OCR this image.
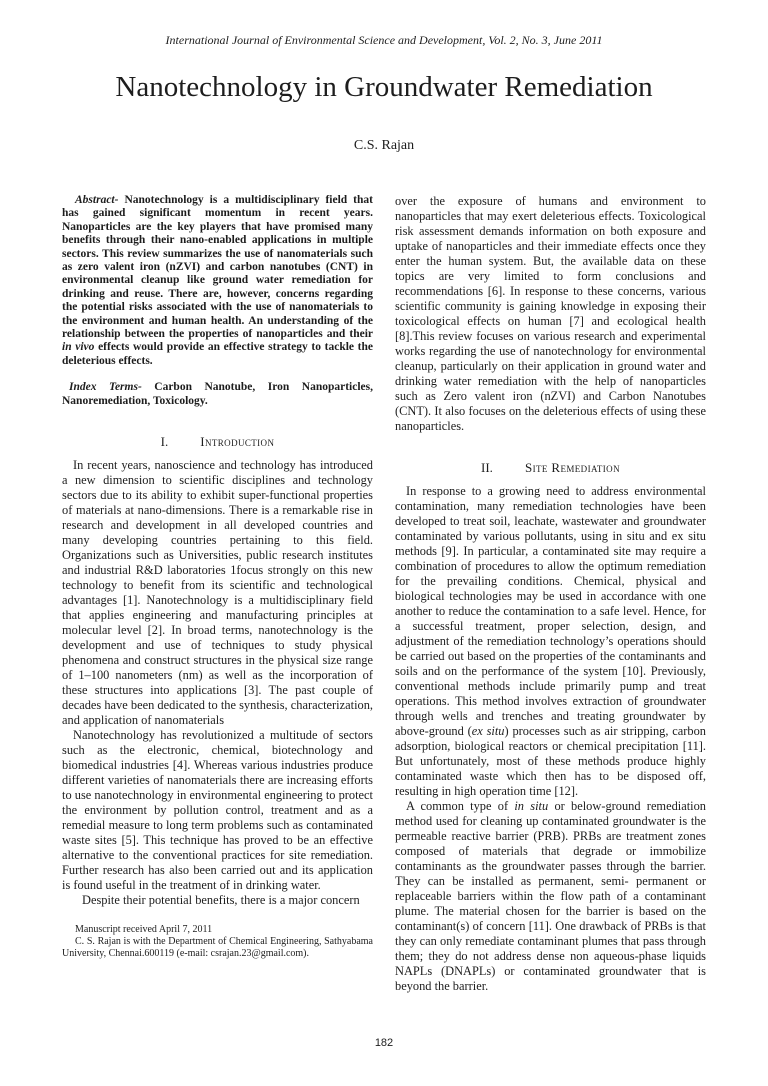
International Journal of Environmental Science and Development, Vol. 2, No. 3, June 2011
Nanotechnology in Groundwater Remediation
C.S. Rajan

Abstract- Nanotechnology is a multidisciplinary field that has gained significant momentum in recent years. Nanoparticles are the key players that have promised many benefits through their nano-enabled applications in multiple sectors. This review summarizes the use of nanomaterials such as zero valent iron (nZVI) and carbon nanotubes (CNT) in environmental cleanup like ground water remediation for drinking and reuse. There are, however, concerns regarding the potential risks associated with the use of nanomaterials to the environment and human health. An understanding of the relationship between the properties of nanoparticles and their in vivo effects would provide an effective strategy to tackle the deleterious effects.

Index Terms- Carbon Nanotube, Iron Nanoparticles, Nanoremediation, Toxicology.

I. Introduction

In recent years, nanoscience and technology has introduced a new dimension to scientific disciplines and technology sectors due to its ability to exhibit super-functional properties of materials at nano-dimensions. There is a remarkable rise in research and development in all developed countries and many developing countries pertaining to this field. Organizations such as Universities, public research institutes and industrial R&D laboratories 1focus strongly on this new technology to benefit from its scientific and technological advantages [1]. Nanotechnology is a multidisciplinary field that applies engineering and manufacturing principles at molecular level [2]. In broad terms, nanotechnology is the development and use of techniques to study physical phenomena and construct structures in the physical size range of 1–100 nanometers (nm) as well as the incorporation of these structures into applications [3]. The past couple of decades have been dedicated to the synthesis, characterization, and application of nanomaterials

Nanotechnology has revolutionized a multitude of sectors such as the electronic, chemical, biotechnology and biomedical industries [4]. Whereas various industries produce different varieties of nanomaterials there are increasing efforts to use nanotechnology in environmental engineering to protect the environment by pollution control, treatment and as a remedial measure to long term problems such as contaminated waste sites [5]. This technique has proved to be an effective alternative to the conventional practices for site remediation. Further research has also been carried out and its application is found useful in the treatment of in drinking water.

Despite their potential benefits, there is a major concern

Manuscript received April 7, 2011

C. S. Rajan is with the Department of Chemical Engineering, Sathyabama University, Chennai.600119 (e-mail: csrajan.23@gmail.com).

over the exposure of humans and environment to nanoparticles that may exert deleterious effects. Toxicological risk assessment demands information on both exposure and uptake of nanoparticles and their immediate effects once they enter the human system. But, the available data on these topics are very limited to form conclusions and recommendations [6]. In response to these concerns, various scientific community is gaining knowledge in exposing their toxicological effects on human [7] and ecological health [8].This review focuses on various research and experimental works regarding the use of nanotechnology for environmental cleanup, particularly on their application in ground water and drinking water remediation with the help of nanoparticles such as Zero valent iron (nZVI) and Carbon Nanotubes (CNT). It also focuses on the deleterious effects of using these nanoparticles.

II. Site Remediation

In response to a growing need to address environmental contamination, many remediation technologies have been developed to treat soil, leachate, wastewater and groundwater contaminated by various pollutants, using in situ and ex situ methods [9]. In particular, a contaminated site may require a combination of procedures to allow the optimum remediation for the prevailing conditions. Chemical, physical and biological technologies may be used in accordance with one another to reduce the contamination to a safe level. Hence, for a successful treatment, proper selection, design, and adjustment of the remediation technology’s operations should be carried out based on the properties of the contaminants and soils and on the performance of the system [10]. Previously, conventional methods include primarily pump and treat operations. This method involves extraction of groundwater through wells and trenches and treating groundwater by above-ground (ex situ) processes such as air stripping, carbon adsorption, biological reactors or chemical precipitation [11]. But unfortunately, most of these methods produce highly contaminated waste which then has to be disposed off, resulting in high operation time [12].

A common type of in situ or below-ground remediation method used for cleaning up contaminated groundwater is the permeable reactive barrier (PRB). PRBs are treatment zones composed of materials that degrade or immobilize contaminants as the groundwater passes through the barrier. They can be installed as permanent, semi- permanent or replaceable barriers within the flow path of a contaminant plume. The material chosen for the barrier is based on the contaminant(s) of concern [11]. One drawback of PRBs is that they can only remediate contaminant plumes that pass through them; they do not address dense non aqueous-phase liquids NAPLs (DNAPLs) or contaminated groundwater that is beyond the barrier.

182
